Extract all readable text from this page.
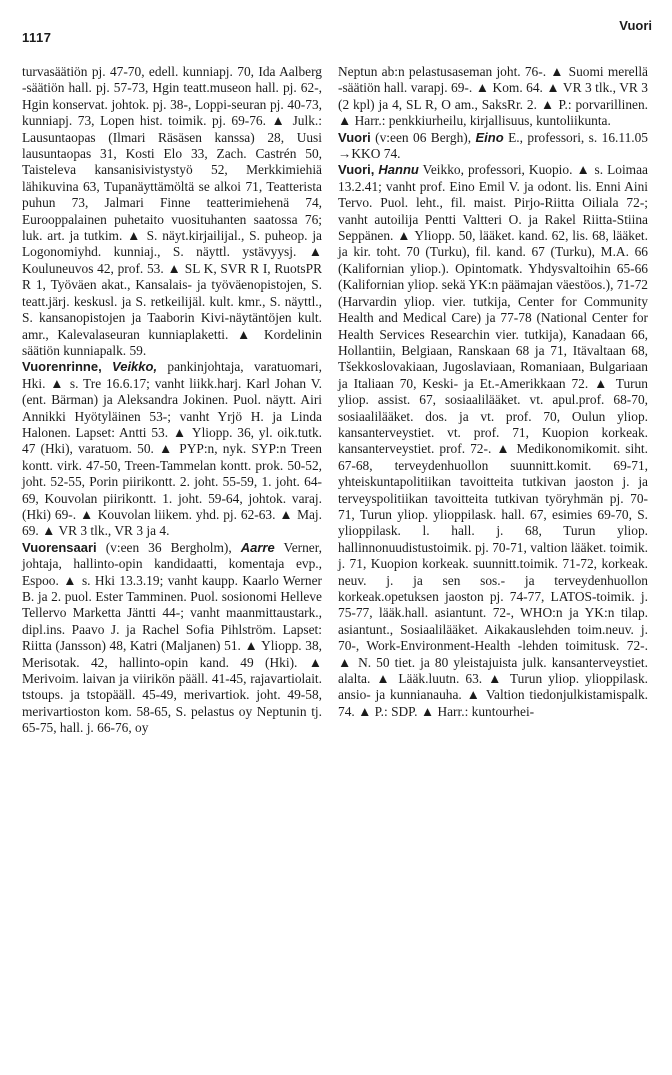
1117
Vuori

turvasäätiön pj. 47-70, edell. kunniapj. 70, Ida Aalberg -säätiön hall. pj. 57-73, Hgin teatt.museon hall. pj. 62-, Hgin konservat. johtok. pj. 38-, Loppi-seuran pj. 40-73, kunniapj. 73, Lopen hist. toimik. pj. 69-76. ▲ Julk.: Lausuntaopas (Ilmari Räsäsen kanssa) 28, Uusi lausuntaopas 31, Kosti Elo 33, Zach. Castrén 50, Taisteleva kansanisivistystyö 52, Merkkimiehiä lähikuvina 63, Tupanäyttämöltä se alkoi 71, Teatterista puhun 73, Jalmari Finne teatterimiehenä 74, Eurooppalainen puhetaito vuosituhanten saatossa 76; luk. art. ja tutkim. ▲ S. näyt.kirjailijal., S. puheop. ja Logonomiyhd. kunniaj., S. näyttl. ystävyysj. ▲ Kouluneuvos 42, prof. 53. ▲ SL K, SVR R I, RuotsPR R 1, Työväen akat., Kansalais- ja työväenopistojen, S. teatt.järj. keskusl. ja S. retkeilijäl. kult. kmr., S. näyttl., S. kansanopistojen ja Taaborin Kivi-näytäntöjen kult. amr., Kalevalaseuran kunniaplaketti. ▲ Kordelinin säätiön kunniapalk. 59.

Vuorenrinne, Veikko, pankinjohtaja, varatuomari, Hki. ▲ s. Tre 16.6.17; vanht liikk.harj. Karl Johan V. (ent. Bärman) ja Aleksandra Jokinen. Puol. näytt. Airi Annikki Hyötyläinen 53-; vanht Yrjö H. ja Linda Halonen. Lapset: Antti 53. ▲ Yliopp. 36, yl. oik.tutk. 47 (Hki), varatuom. 50. ▲ PYP:n, nyk. SYP:n Treen kontt. virk. 47-50, Treen-Tammelan kontt. prok. 50-52, joht. 52-55, Porin piirikontt. 2. joht. 55-59, 1. joht. 64-69, Kouvolan piirikontt. 1. joht. 59-64, johtok. varaj. (Hki) 69-. ▲ Kouvolan liikem. yhd. pj. 62-63. ▲ Maj. 69. ▲ VR 3 tlk., VR 3 ja 4.

Vuorensaari (v:een 36 Bergholm), Aarre Verner, johtaja, hallinto-opin kandidaatti, komentaja evp., Espoo. ▲ s. Hki 13.3.19; vanht kaupp. Kaarlo Werner B. ja 2. puol. Ester Tamminen. Puol. sosionomi Helleve Tellervo Marketta Jäntti 44-; vanht maanmittaustark., dipl.ins. Paavo J. ja Rachel Sofia Pihlström. Lapset: Riitta (Jansson) 48, Katri (Maljanen) 51. ▲ Yliopp. 38, Merisotak. 42, hallinto-opin kand. 49 (Hki). ▲ Merivoim. laivan ja viirikön pääll. 41-45, rajavartiolait. tstoups. ja tstopääll. 45-49, merivartiok. joht. 49-58, merivartioston kom. 58-65, S. pelastus oy Neptunin tj. 65-75, hall. j. 66-76, oy

Neptun ab:n pelastusaseman joht. 76-. ▲ Suomi merellä -säätiön hall. varapj. 69-. ▲ Kom. 64. ▲ VR 3 tlk., VR 3 (2 kpl) ja 4, SL R, O am., SaksRr. 2. ▲ P.: porvarillinen. ▲ Harr.: penkkiurheilu, kirjallisuus, kuntoliikunta.

Vuori (v:een 06 Bergh), Eino E., professori, s. 16.11.05 →KKO 74.

Vuori, Hannu Veikko, professori, Kuopio. ▲ s. Loimaa 13.2.41; vanht prof. Eino Emil V. ja odont. lis. Enni Aini Tervo. Puol. leht., fil. maist. Pirjo-Riitta Oiliala 72-; vanht autoilija Pentti Valtteri O. ja Rakel Riitta-Stiina Seppänen. ▲ Yliopp. 50, lääket. kand. 62, lis. 68, lääket. ja kir. toht. 70 (Turku), fil. kand. 67 (Turku), M.A. 66 (Kalifornian yliop.). Opintomatk. Yhdysvaltoihin 65-66 (Kalifornian yliop. sekä YK:n päämajan väestöos.), 71-72 (Harvardin yliop. vier. tutkija, Center for Community Health and Medical Care) ja 77-78 (National Center for Health Services Researchin vier. tutkija), Kanadaan 66, Hollantiin, Belgiaan, Ranskaan 68 ja 71, Itävaltaan 68, Tšekkoslovakiaan, Jugoslaviaan, Romaniaan, Bulgariaan ja Italiaan 70, Keski- ja Et.-Amerikkaan 72. ▲ Turun yliop. assist. 67, sosiaalilääket. vt. apul.prof. 68-70, sosiaalilääket. dos. ja vt. prof. 70, Oulun yliop. kansanterveystiet. vt. prof. 71, Kuopion korkeak. kansanterveystiet. prof. 72-. ▲ Medikonomikomit. siht. 67-68, terveydenhuollon suunnitt.komit. 69-71, yhteiskuntapolitiikan tavoitteita tutkivan jaoston j. ja terveyspolitiikan tavoitteita tutkivan työryhmän pj. 70-71, Turun yliop. ylioppilask. hall. 67, esimies 69-70, S. ylioppilask. l. hall. j. 68, Turun yliop. hallinnonuudistustoimik. pj. 70-71, valtion lääket. toimik. j. 71, Kuopion korkeak. suunnitt.toimik. 71-72, korkeak. neuv. j. ja sen sos.- ja terveydenhuollon korkeak.opetuksen jaoston pj. 74-77, LATOS-toimik. j. 75-77, lääk.hall. asiantunt. 72-, WHO:n ja YK:n tilap. asiantunt., Sosiaalilääket. Aikakauslehden toim.neuv. j. 70-, Work-Environment-Health -lehden toimitusk. 72-. ▲ N. 50 tiet. ja 80 yleistajuista julk. kansanterveystiet. alalta. ▲ Lääk.luutn. 63. ▲ Turun yliop. ylioppilask. ansio- ja kunnianauha. ▲ Valtion tiedonjulkistamispalk. 74. ▲ P.: SDP. ▲ Harr.: kuntourhei-
